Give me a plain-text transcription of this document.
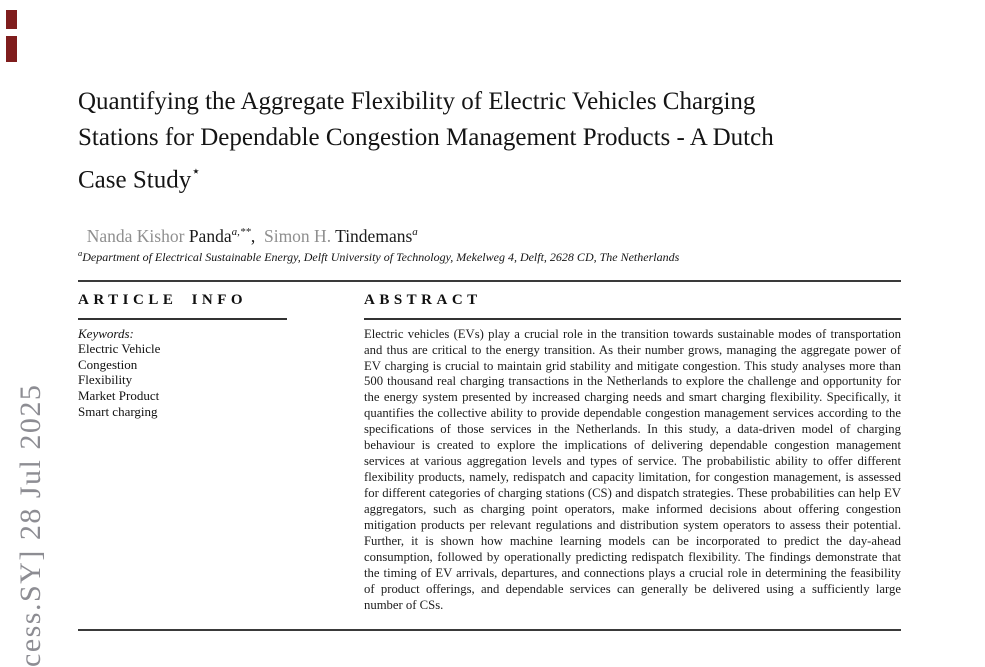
cess.SY] 28 Jul 2025
Quantifying the Aggregate Flexibility of Electric Vehicles Charging
Stations for Dependable Congestion Management Products - A Dutch
Case Study⋆

Nanda Kishor Panda$^{a,**}$,  Simon H. Tindemans$^a$

$^a$Department of Electrical Sustainable Energy, Delft University of Technology, Mekelweg 4, Delft, 2628 CD, The Netherlands
ARTICLE INFO
Keywords:
Electric Vehicle
Congestion
Flexibility
Market Product
Smart charging
ABSTRACT
Electric vehicles (EVs) play a crucial role in the transition towards sustainable modes of transportation and thus are critical to the energy transition. As their number grows, managing the aggregate power of EV charging is crucial to maintain grid stability and mitigate congestion. This study analyses more than 500 thousand real charging transactions in the Netherlands to explore the challenge and opportunity for the energy system presented by increased charging needs and smart charging flexibility. Specifically, it quantifies the collective ability to provide dependable congestion management services according to the specifications of those services in the Netherlands. In this study, a data-driven model of charging behaviour is created to explore the implications of delivering dependable congestion management services at various aggregation levels and types of service. The probabilistic ability to offer different flexibility products, namely, redispatch and capacity limitation, for congestion management, is assessed for different categories of charging stations (CS) and dispatch strategies. These probabilities can help EV aggregators, such as charging point operators, make informed decisions about offering congestion mitigation products per relevant regulations and distribution system operators to assess their potential. Further, it is shown how machine learning models can be incorporated to predict the day-ahead consumption, followed by operationally predicting redispatch flexibility. The findings demonstrate that the timing of EV arrivals, departures, and connections plays a crucial role in determining the feasibility of product offerings, and dependable services can generally be delivered using a sufficiently large number of CSs.
